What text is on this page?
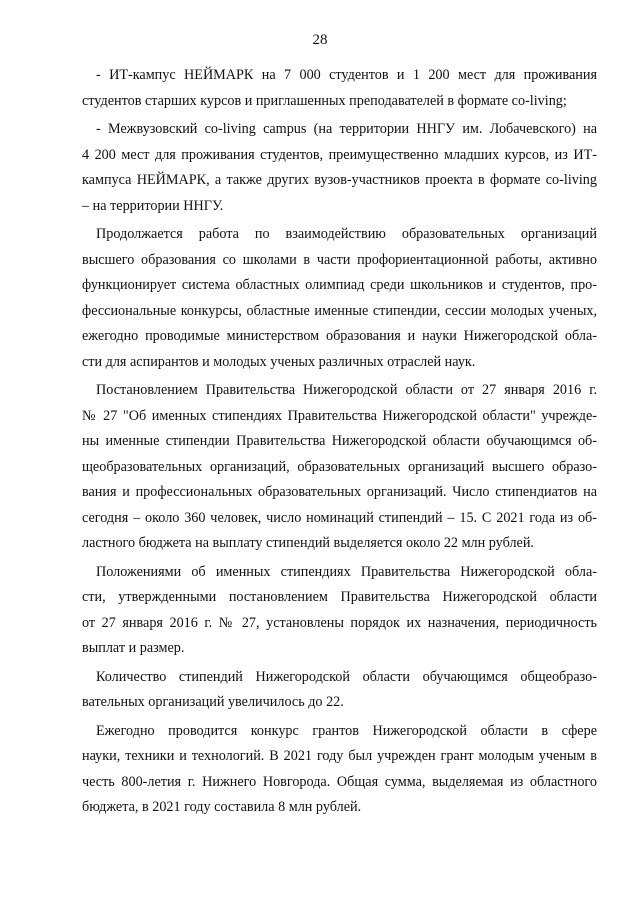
28

- ИТ-кампус НЕЙМАРК на 7 000 студентов и 1 200 мест для проживания
студентов старших курсов и приглашенных преподавателей в формате co-living;

- Межвузовский co-living campus (на территории ННГУ им. Лобачевского) на
4 200 мест для проживания студентов, преимущественно младших курсов, из ИТ-
кампуса НЕЙМАРК, а также других вузов-участников проекта в формате co-living
– на территории ННГУ.

Продолжается работа по взаимодействию образовательных организаций
высшего образования со школами в части профориентационной работы, активно
функционирует система областных олимпиад среди школьников и студентов, про-
фессиональные конкурсы, областные именные стипендии, сессии молодых ученых,
ежегодно проводимые министерством образования и науки Нижегородской обла-
сти для аспирантов и молодых ученых различных отраслей наук.

Постановлением Правительства Нижегородской области от 27 января 2016 г.
№ 27 "Об именных стипендиях Правительства Нижегородской области" учрежде-
ны именные стипендии Правительства Нижегородской области обучающимся об-
щеобразовательных организаций, образовательных организаций высшего образо-
вания и профессиональных образовательных организаций. Число стипендиатов на
сегодня – около 360 человек, число номинаций стипендий – 15. С 2021 года из об-
ластного бюджета на выплату стипендий выделяется около 22 млн рублей.

Положениями об именных стипендиях Правительства Нижегородской обла-
сти, утвержденными постановлением Правительства Нижегородской области
от 27 января 2016 г. № 27, установлены порядок их назначения, периодичность
выплат и размер.

Количество стипендий Нижегородской области обучающимся общеобразо-
вательных организаций увеличилось до 22.

Ежегодно проводится конкурс грантов Нижегородской области в сфере
науки, техники и технологий. В 2021 году был учрежден грант молодым ученым в
честь 800-летия г. Нижнего Новгорода. Общая сумма, выделяемая из областного
бюджета, в 2021 году составила 8 млн рублей.
